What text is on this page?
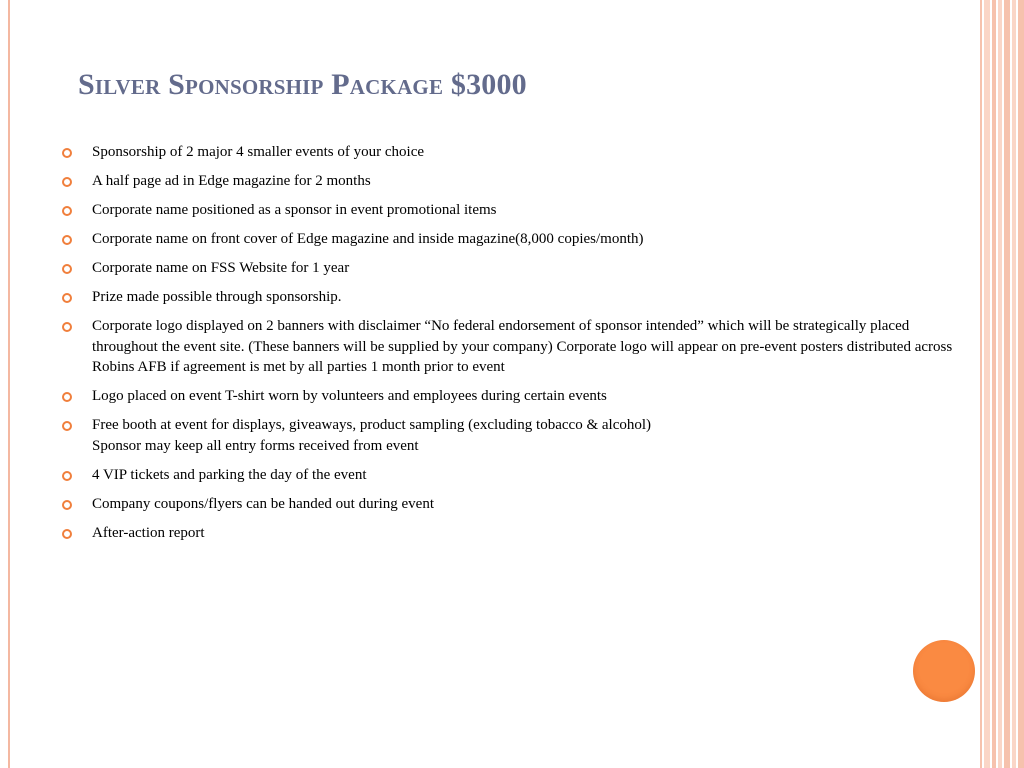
Silver Sponsorship Package $3000
Sponsorship of 2 major 4 smaller events of your choice
A half page ad in Edge magazine for 2 months
Corporate name positioned as a sponsor in event promotional items
Corporate name on front cover of Edge magazine and inside magazine(8,000 copies/month)
Corporate name on FSS Website for 1 year
Prize made possible through sponsorship.
Corporate logo displayed on 2 banners with disclaimer “No federal endorsement of sponsor intended” which will be strategically placed throughout the event site. (These banners will be supplied by your company) Corporate logo will appear on pre-event posters distributed across Robins AFB if agreement is met by all parties 1 month prior to event
Logo placed on event T-shirt worn by volunteers and employees during certain events
Free booth at event for displays, giveaways, product sampling (excluding tobacco & alcohol)
Sponsor may keep all entry forms received from event
4 VIP tickets and parking the day of the event
Company coupons/flyers can be handed out during event
After-action report
